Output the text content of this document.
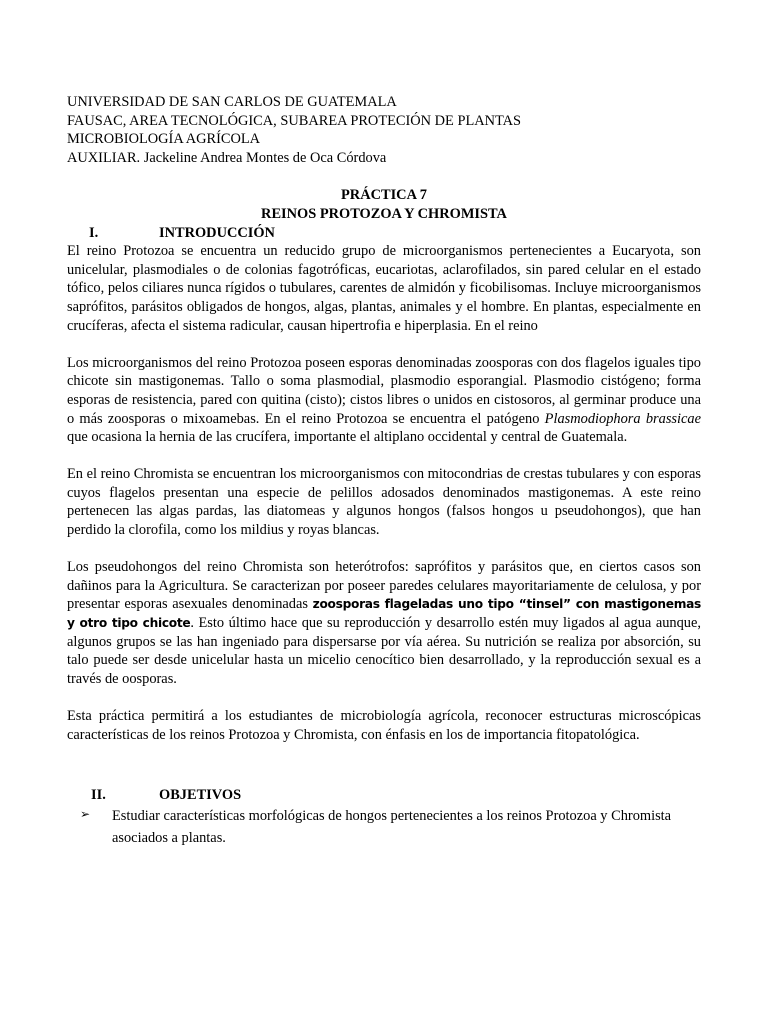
UNIVERSIDAD DE SAN CARLOS DE GUATEMALA
FAUSAC, AREA TECNOLÓGICA, SUBAREA PROTECIÓN DE PLANTAS
MICROBIOLOGÍA AGRÍCOLA
AUXILIAR. Jackeline Andrea Montes de Oca Córdova
PRÁCTICA 7
REINOS PROTOZOA Y CHROMISTA
I.	INTRODUCCIÓN

El reino Protozoa se encuentra un reducido grupo de microorganismos pertenecientes a Eucaryota, son unicelular, plasmodiales o de colonias fagotróficas, eucariotas, aclarofilados, sin pared celular en el estado tófico, pelos ciliares nunca rígidos o tubulares, carentes de almidón y ficobilisomas. Incluye microorganismos saprófitos, parásitos obligados de hongos, algas, plantas, animales y el hombre. En plantas, especialmente en crucíferas, afecta el sistema radicular, causan hipertrofia e hiperplasia. En el reino

Los microorganismos del reino Protozoa poseen esporas denominadas zoosporas con dos flagelos iguales tipo chicote sin mastigonemas. Tallo o soma plasmodial, plasmodio esporangial. Plasmodio cistógeno; forma esporas de resistencia, pared con quitina (cisto); cistos libres o unidos en cistosoros, al germinar produce una o más zoosporas o mixoamebas. En el reino Protozoa se encuentra el patógeno Plasmodiophora brassicae que ocasiona la hernia de las crucífera, importante el altiplano occidental y central de Guatemala.

En el reino Chromista se encuentran los microorganismos con mitocondrias de crestas tubulares y con esporas cuyos flagelos presentan una especie de pelillos adosados denominados mastigonemas. A este reino pertenecen las algas pardas, las diatomeas y algunos hongos (falsos hongos u pseudohongos), que han perdido la clorofila, como los mildius y royas blancas.

Los pseudohongos del reino Chromista son heterótrofos: saprófitos y parásitos que, en ciertos casos son dañinos para la Agricultura. Se caracterizan por poseer paredes celulares mayoritariamente de celulosa, y por presentar esporas asexuales denominadas zoosporas flageladas uno tipo “tinsel” con mastigonemas y otro tipo chicote. Esto último hace que su reproducción y desarrollo estén muy ligados al agua aunque, algunos grupos se las han ingeniado para dispersarse por vía aérea. Su nutrición se realiza por absorción, su talo puede ser desde unicelular hasta un micelio cenocítico bien desarrollado, y la reproducción sexual es a través de oosporas.

Esta práctica permitirá a los estudiantes de microbiología agrícola, reconocer estructuras microscópicas características de los reinos Protozoa y Chromista, con énfasis en los de importancia fitopatológica.

II.	OBJETIVOS
➢	Estudiar características morfológicas de hongos pertenecientes a los reinos Protozoa y Chromista asociados a plantas.
